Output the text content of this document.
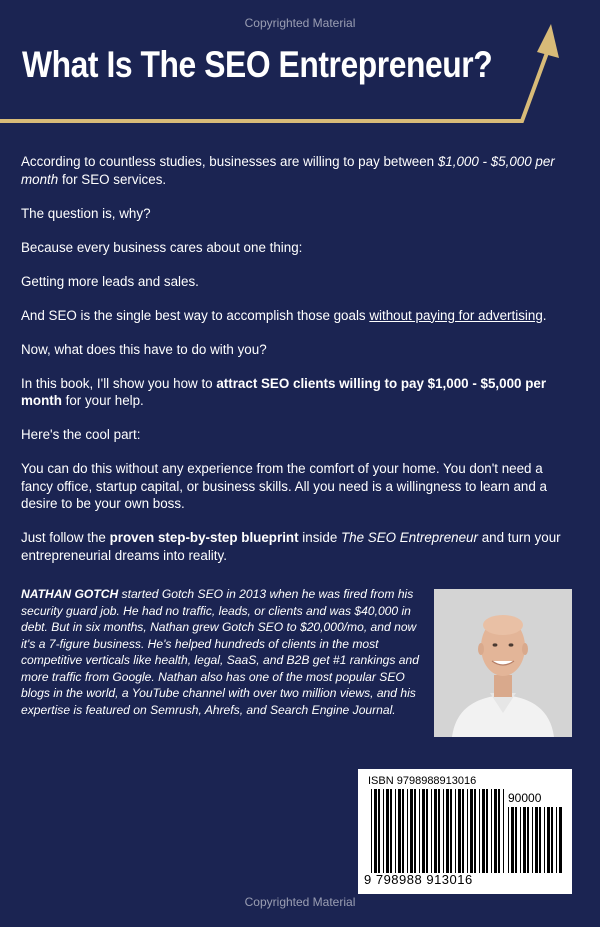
Copyrighted Material
What Is The SEO Entrepreneur?

According to countless studies, businesses are willing to pay between $1,000 - $5,000 per month for SEO services.

The question is, why?

Because every business cares about one thing:

Getting more leads and sales.

And SEO is the single best way to accomplish those goals without paying for advertising.

Now, what does this have to do with you?

In this book, I'll show you how to attract SEO clients willing to pay $1,000 - $5,000 per month for your help.

Here's the cool part:

You can do this without any experience from the comfort of your home. You don't need a fancy office, startup capital, or business skills. All you need is a willingness to learn and a desire to be your own boss.

Just follow the proven step-by-step blueprint inside The SEO Entrepreneur and turn your entrepreneurial dreams into reality.

NATHAN GOTCH started Gotch SEO in 2013 when he was fired from his security guard job. He had no traffic, leads, or clients and was $40,000 in debt. But in six months, Nathan grew Gotch SEO to $20,000/mo, and now it's a 7-figure business. He's helped hundreds of clients in the most competitive verticals like health, legal, SaaS, and B2B get #1 rankings and more traffic from Google. Nathan also has one of the most popular SEO blogs in the world, a YouTube channel with over two million views, and his expertise is featured on Semrush, Ahrefs, and Search Engine Journal.
ISBN 9798988913016
90000
9 798988 913016
Copyrighted Material
